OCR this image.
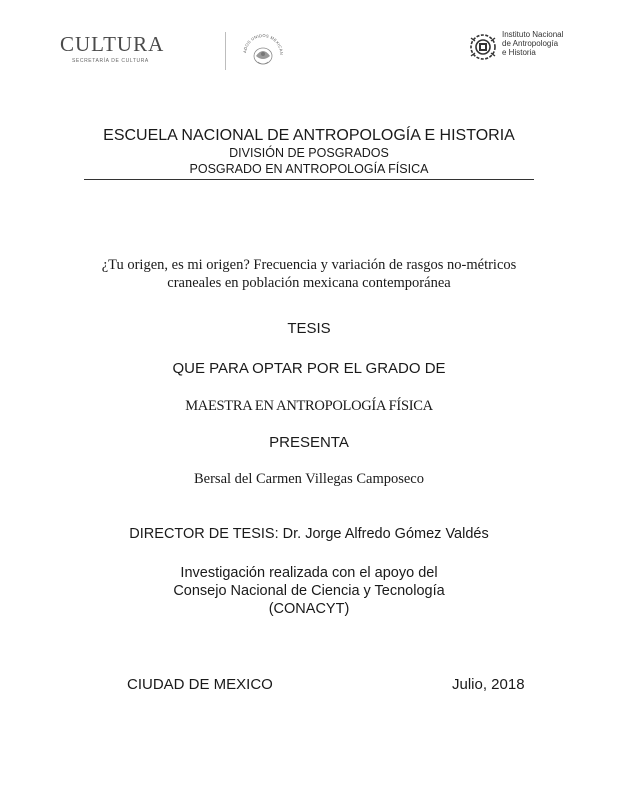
CULTURA
SECRETARÍA DE CULTURA
ADOS UNIDOS MEXICAN
Instituto Nacional
de Antropología
e Historia
ESCUELA NACIONAL DE ANTROPOLOGÍA E HISTORIA
DIVISIÓN DE POSGRADOS
POSGRADO EN ANTROPOLOGÍA FÍSICA
¿Tu origen, es mi origen? Frecuencia y variación de rasgos no-métricos
craneales en población mexicana contemporánea
TESIS
QUE PARA OPTAR POR EL GRADO DE
MAESTRA EN ANTROPOLOGÍA FÍSICA
PRESENTA
Bersal del Carmen Villegas Camposeco
DIRECTOR DE TESIS: Dr. Jorge Alfredo Gómez Valdés
Investigación realizada con el apoyo del
Consejo Nacional de Ciencia y Tecnología
(CONACYT)
CIUDAD DE MEXICO	Julio, 2018
